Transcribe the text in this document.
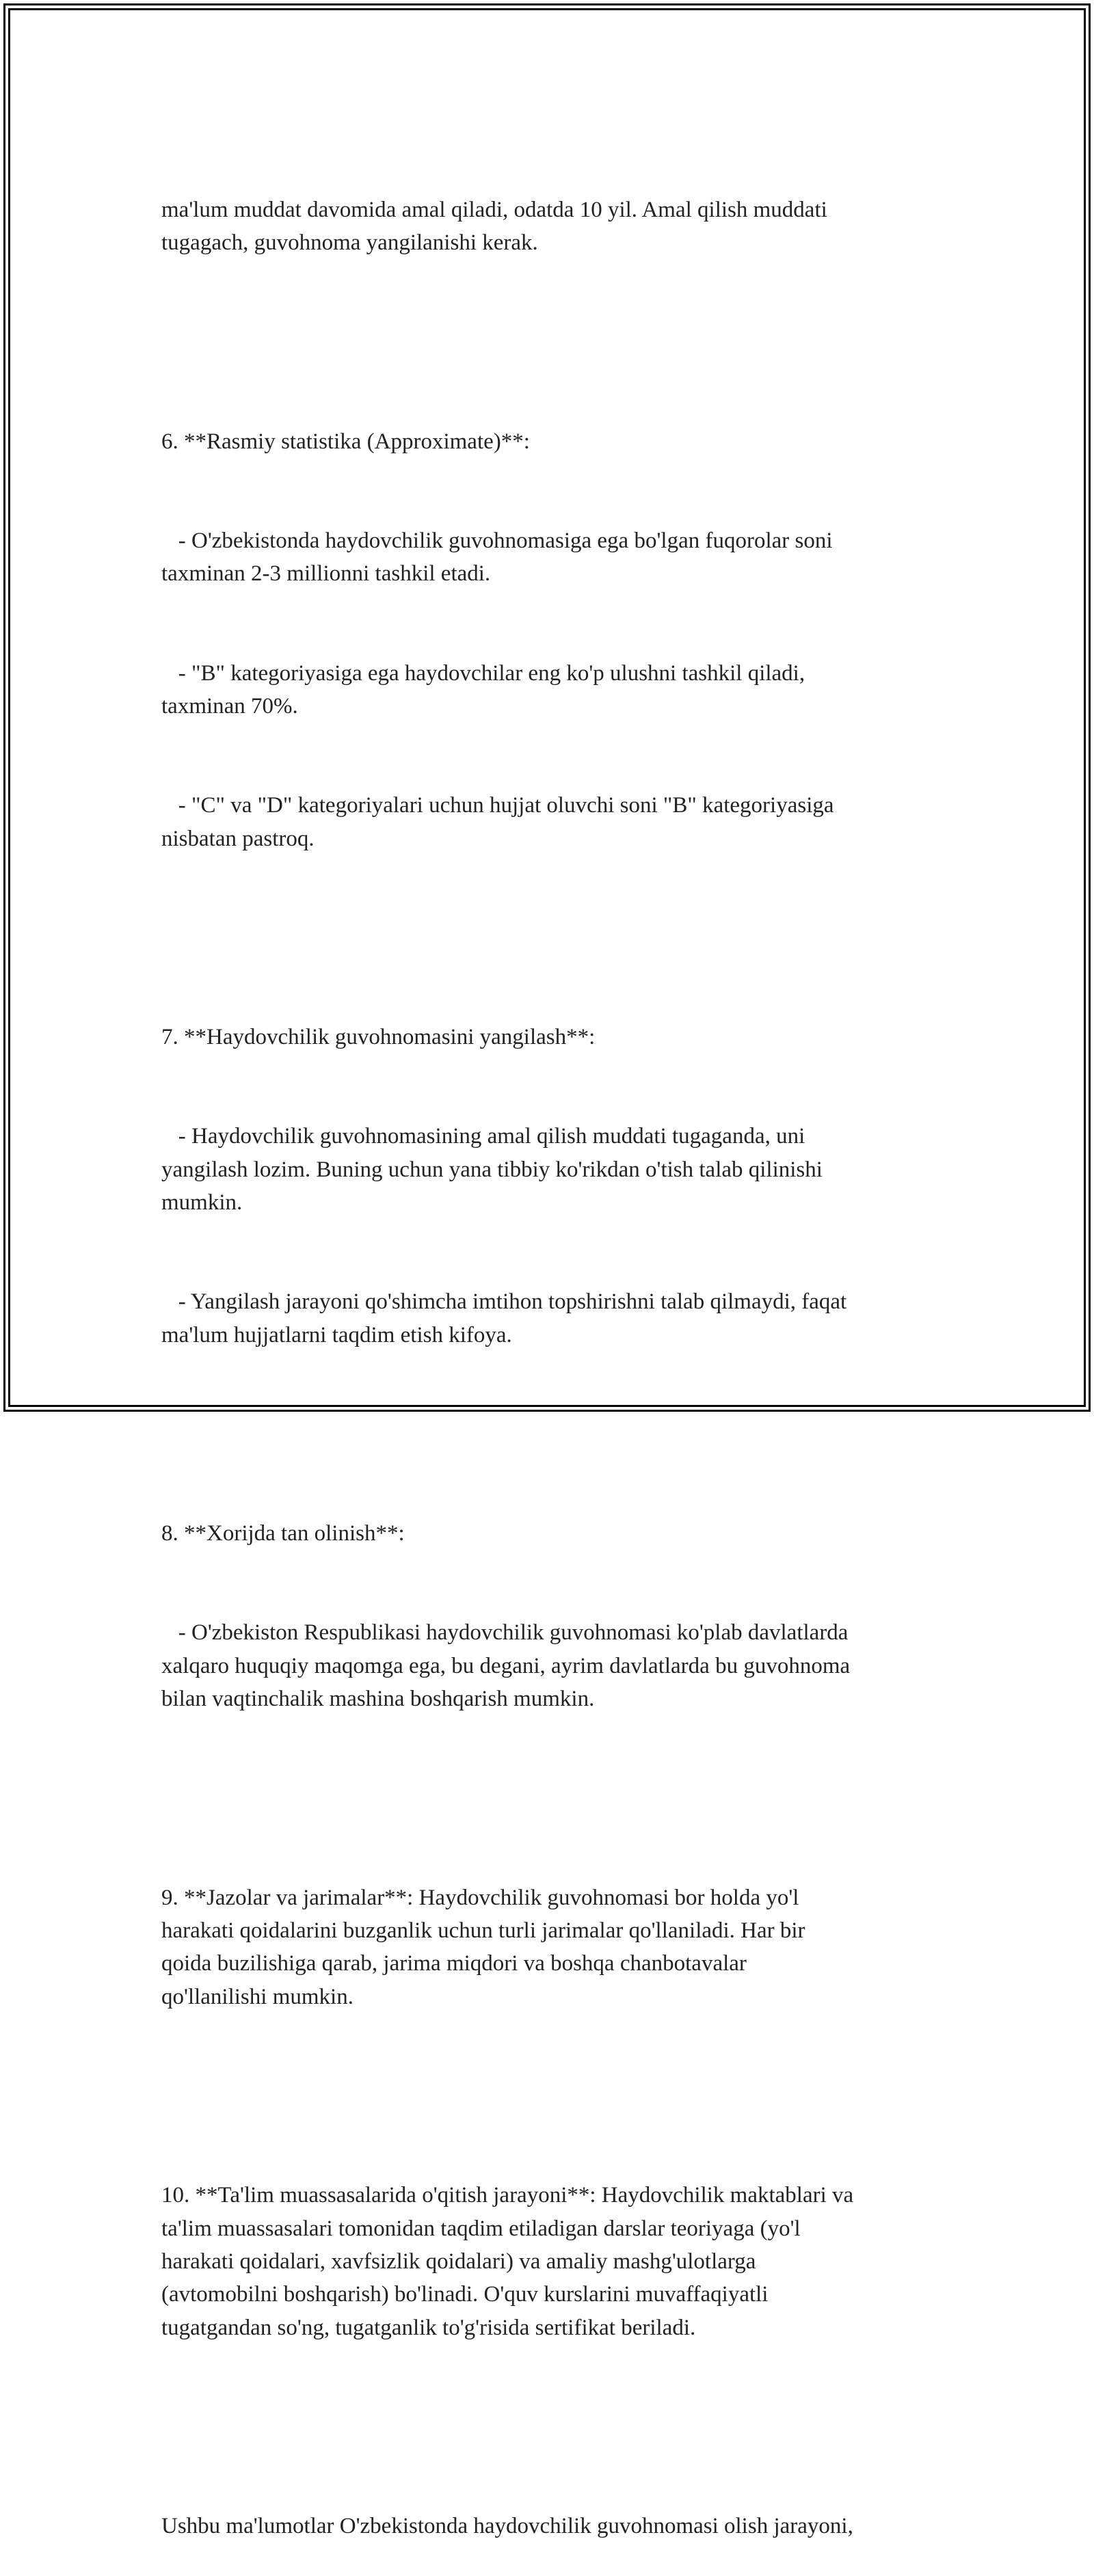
ma'lum muddat davomida amal qiladi, odatda 10 yil. Amal qilish muddati
tugagach, guvohnoma yangilanishi kerak.

6. **Rasmiy statistika (Approximate)**:

- O'zbekistonda haydovchilik guvohnomasiga ega bo'lgan fuqorolar soni
taxminan 2-3 millionni tashkil etadi.

- "B" kategoriyasiga ega haydovchilar eng ko'p ulushni tashkil qiladi,
taxminan 70%.

- "C" va "D" kategoriyalari uchun hujjat oluvchi soni "B" kategoriyasiga
nisbatan pastroq.

7. **Haydovchilik guvohnomasini yangilash**:

- Haydovchilik guvohnomasining amal qilish muddati tugaganda, uni
yangilash lozim. Buning uchun yana tibbiy ko'rikdan o'tish talab qilinishi
mumkin.

- Yangilash jarayoni qo'shimcha imtihon topshirishni talab qilmaydi, faqat
ma'lum hujjatlarni taqdim etish kifoya.

8. **Xorijda tan olinish**:

- O'zbekiston Respublikasi haydovchilik guvohnomasi ko'plab davlatlarda
xalqaro huquqiy maqomga ega, bu degani, ayrim davlatlarda bu guvohnoma
bilan vaqtinchalik mashina boshqarish mumkin.

9. **Jazolar va jarimalar**: Haydovchilik guvohnomasi bor holda yo'l
harakati qoidalarini buzganlik uchun turli jarimalar qo'llaniladi. Har bir
qoida buzilishiga qarab, jarima miqdori va boshqa chanbotavalar
qo'llanilishi mumkin.

10. **Ta'lim muassasalarida o'qitish jarayoni**: Haydovchilik maktablari va
ta'lim muassasalari tomonidan taqdim etiladigan darslar teoriyaga (yo'l
harakati qoidalari, xavfsizlik qoidalari) va amaliy mashg'ulotlarga
(avtomobilni boshqarish) bo'linadi. O'quv kurslarini muvaffaqiyatli
tugatgandan so'ng, tugatganlik to'g'risida sertifikat beriladi.

Ushbu ma'lumotlar O'zbekistonda haydovchilik guvohnomasi olish jarayoni,
